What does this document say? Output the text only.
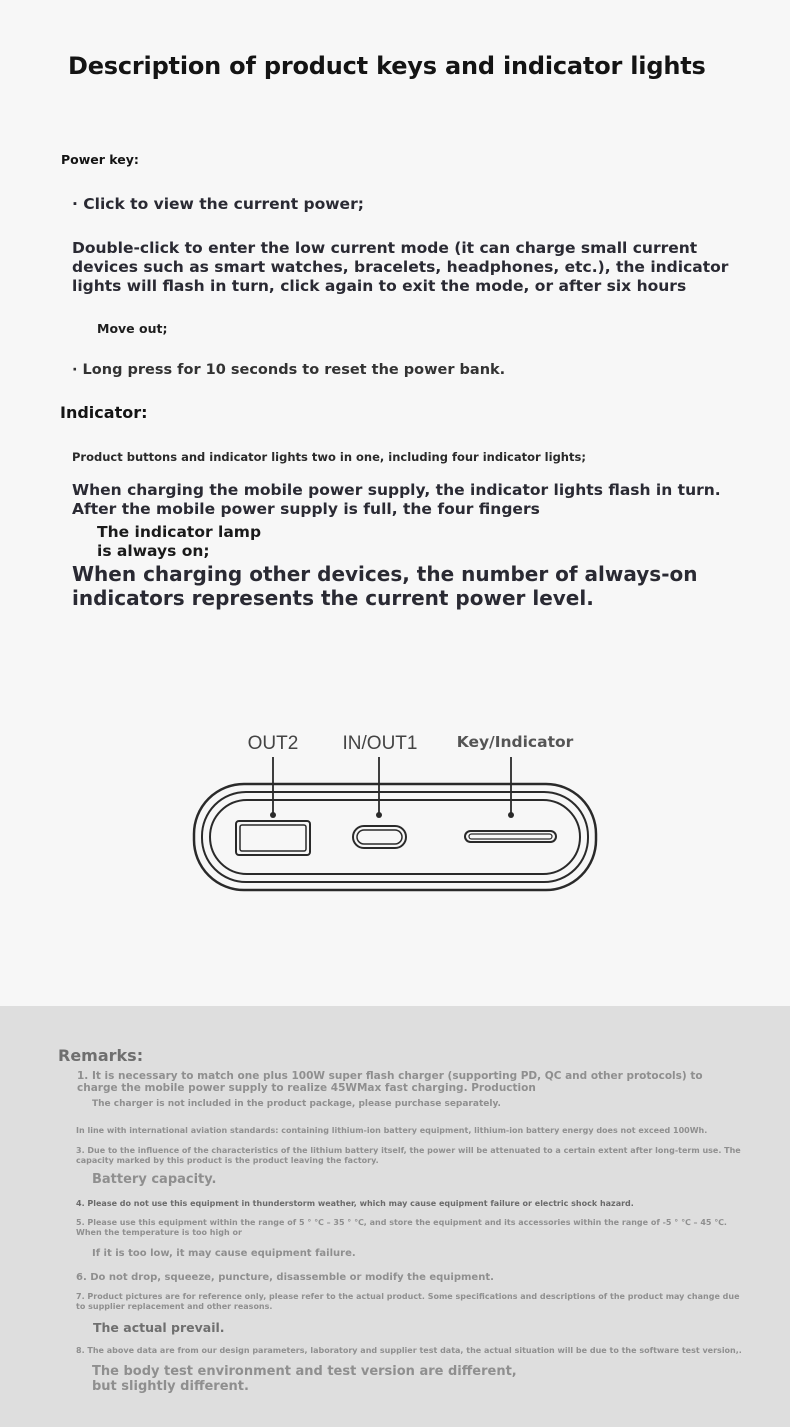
Description of product keys and indicator lights

Power key:

· Click to view the current power;

Double-click to enter the low current mode (it can charge small current devices such as smart watches, bracelets, headphones, etc.), the indicator lights will flash in turn, click again to exit the mode, or after six hours

Move out;

· Long press for 10 seconds to reset the power bank.

Indicator:

Product buttons and indicator lights two in one, including four indicator lights;

When charging the mobile power supply, the indicator lights flash in turn. After the mobile power supply is full, the four fingers

The indicator lamp

is always on;

When charging other devices, the number of always-on indicators represents the current power level.

OUT2 IN/OUT1	Key/Indicator

Remarks:

1. It is necessary to match one plus 100W super flash charger (supporting PD, QC and other protocols) to charge the mobile power supply to realize 45WMax fast charging. Production

The charger is not included in the product package, please purchase separately.

In line with international aviation standards: containing lithium-ion battery equipment, lithium-ion battery energy does not exceed 100Wh.

3. Due to the influence of the characteristics of the lithium battery itself, the power will be attenuated to a certain extent after long-term use. The capacity marked by this product is the product leaving the factory.

Battery capacity.

4. Please do not use this equipment in thunderstorm weather, which may cause equipment failure or electric shock hazard.

5. Please use this equipment within the range of 5 ° ℃ – 35 ° ℃, and store the equipment and its accessories within the range of -5 ° ℃ – 45 ℃. When the temperature is too high or

If it is too low, it may cause equipment failure.

6. Do not drop, squeeze, puncture, disassemble or modify the equipment.

7. Product pictures are for reference only, please refer to the actual product. Some specifications and descriptions of the product may change due to supplier replacement and other reasons.

The actual prevail.

8. The above data are from our design parameters, laboratory and supplier test data, the actual situation will be due to the software test version,.

The body test environment and test version are different,

but slightly different.
